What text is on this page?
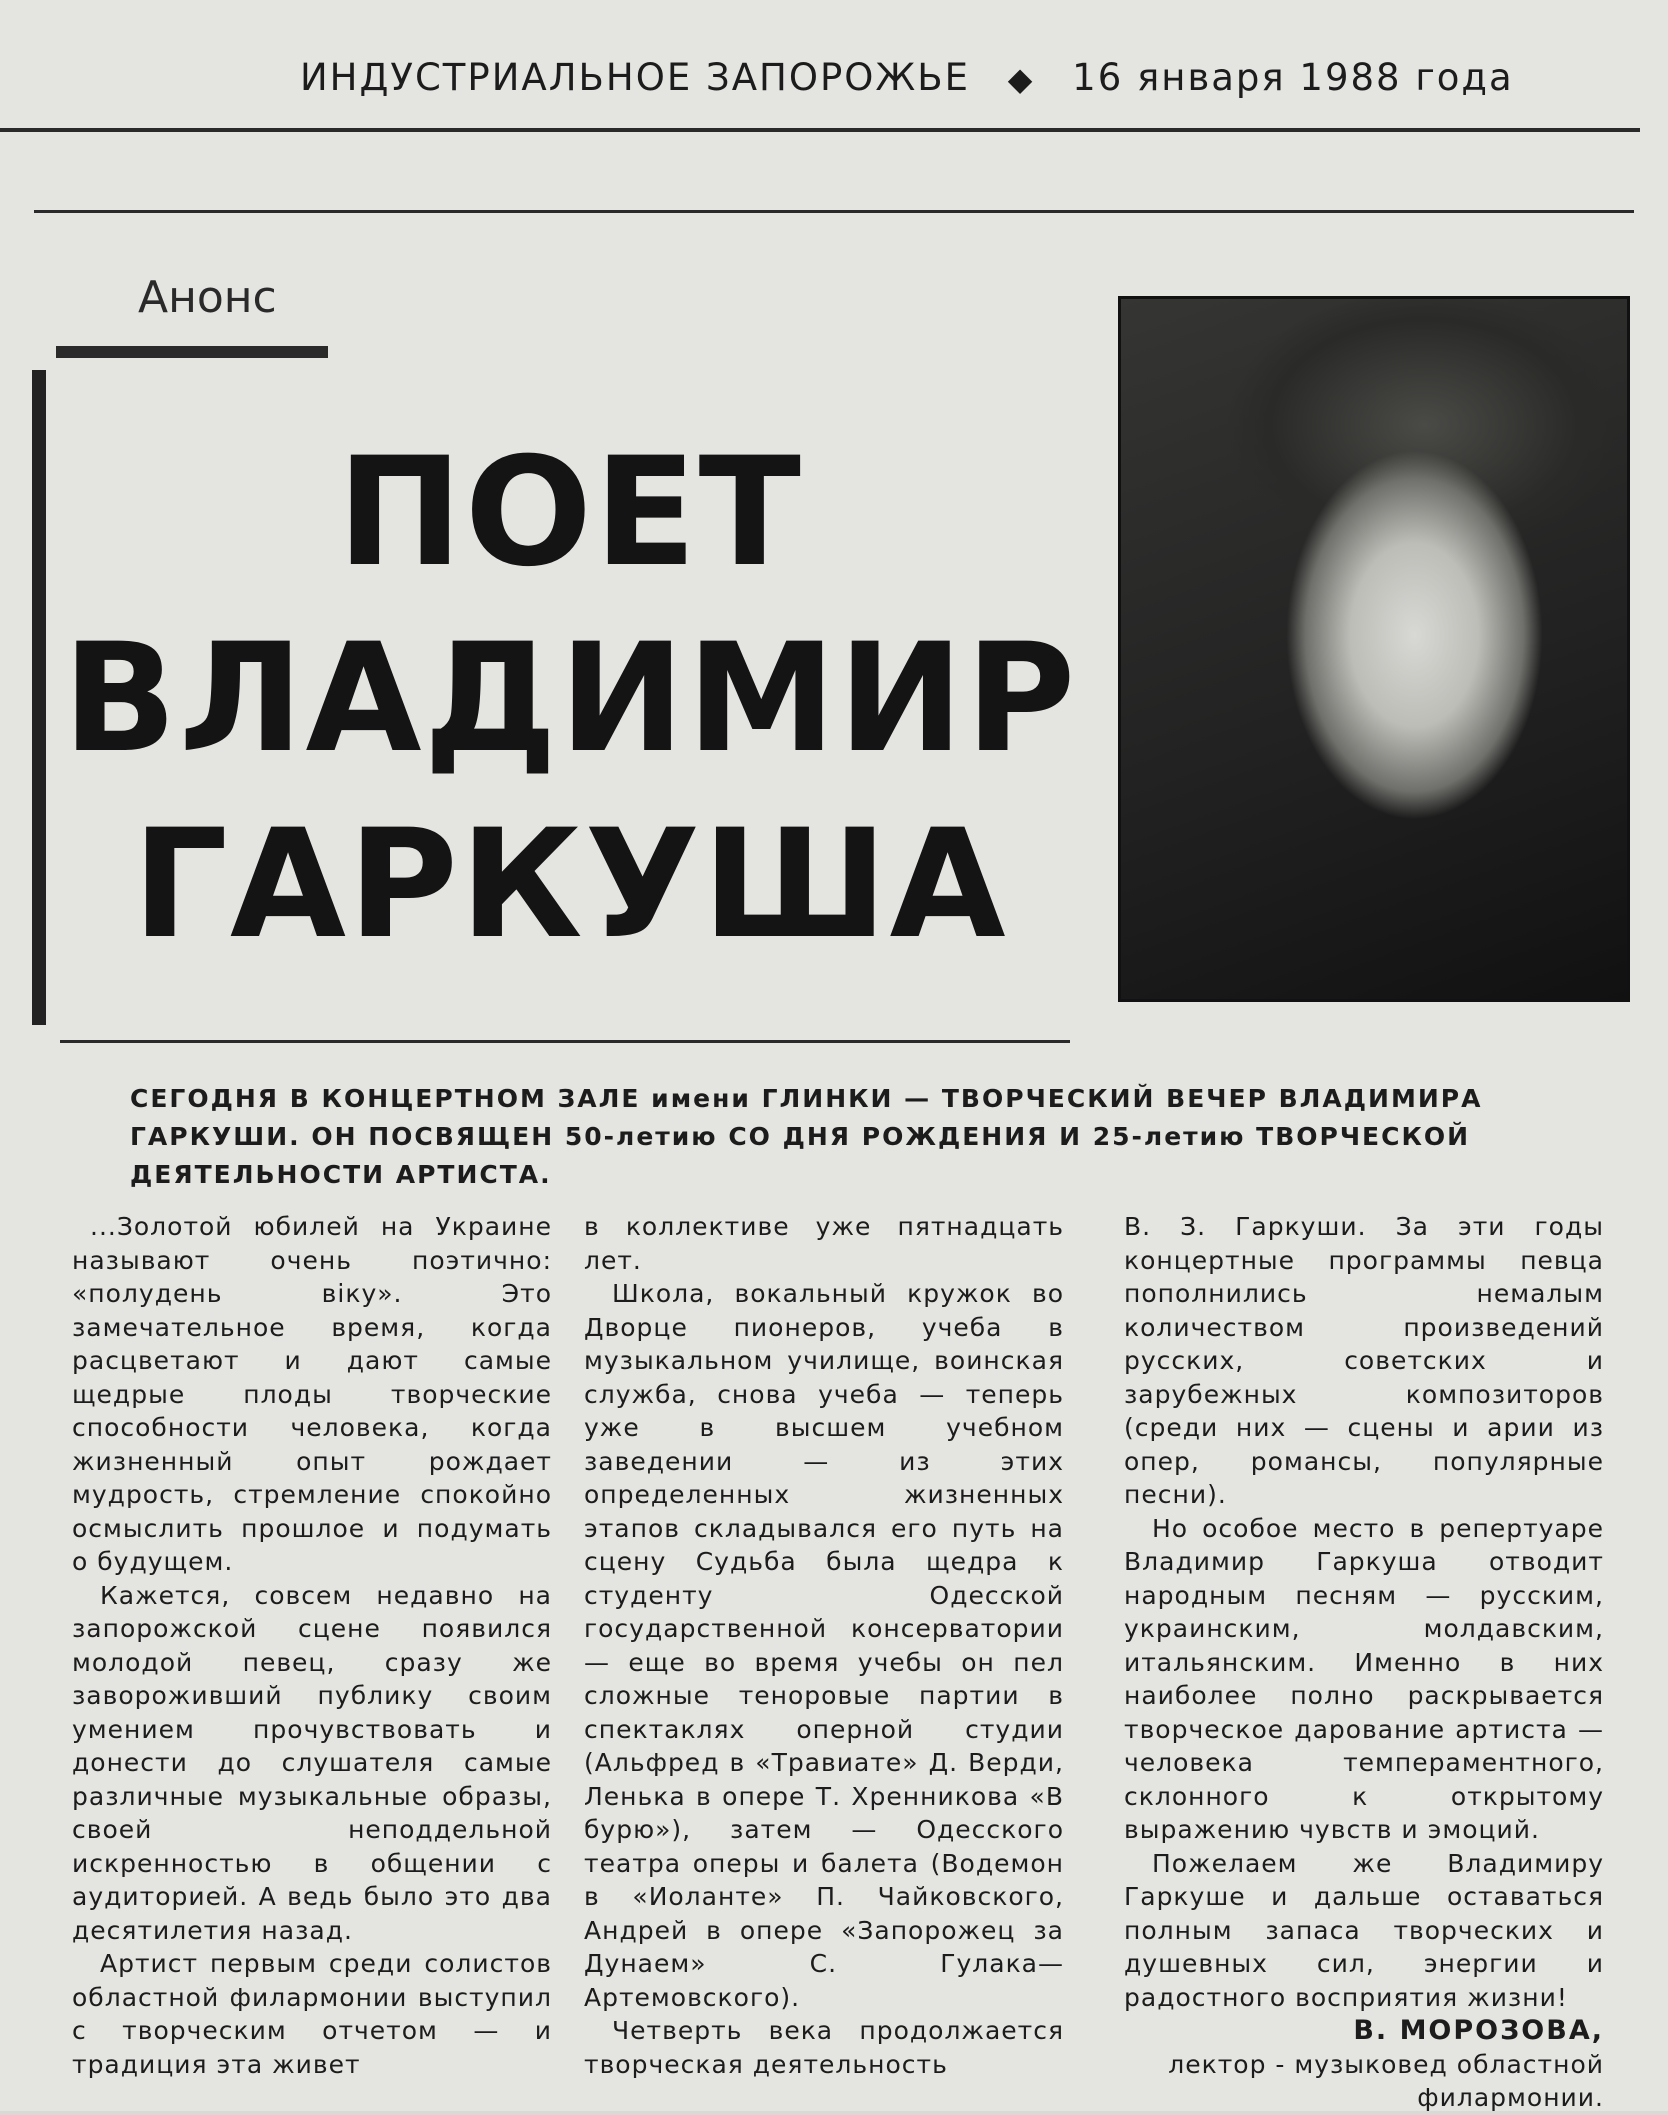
ИНДУСТРИАЛЬНОЕ ЗАПОРОЖЬЕ ◆ 16 января 1988 года
Анонс
ПОЕТ
ВЛАДИМИР
ГАРКУША
СЕГОДНЯ В КОНЦЕРТНОМ ЗАЛЕ имени ГЛИНКИ — ТВОРЧЕСКИЙ ВЕЧЕР ВЛАДИМИРА ГАРКУШИ. ОН ПОСВЯЩЕН 50-летию СО ДНЯ РОЖДЕНИЯ И 25-летию ТВОРЧЕСКОЙ ДЕЯТЕЛЬНОСТИ АРТИСТА.

...Золотой юбилей на Украине называют очень поэтично: «полудень віку». Это замечательное время, когда расцветают и дают самые щедрые плоды творческие способности человека, когда жизненный опыт рождает мудрость, стремление спокойно осмыслить прошлое и подумать о будущем.

Кажется, совсем недавно на запорожской сцене появился молодой певец, сразу же заворoживший публику своим умением прочувствовать и донести до слушателя самые различные музыкальные образы, своей неподдельной искренностью в общении с аудиторией. А ведь было это два десятилетия назад.

Артист первым среди солистов областной филармонии выступил с творческим отчетом — и традиция эта живет

в коллективе уже пятнадцать лет.

Школа, вокальный кружок во Дворце пионеров, учеба в музыкальном училище, воинская служба, снова учеба — теперь уже в высшем учебном заведении — из этих определенных жизненных этапов складывался его путь на сцену Судьба была щедра к студенту Одесской государственной консерватории — еще во время учебы он пел сложные теноровые партии в спектаклях оперной студии (Альфред в «Травиате» Д. Верди, Ленька в опере Т. Хренникова «В бурю»), затем — Одесского театра оперы и балета (Водемон в «Иоланте» П. Чайковского, Андрей в опере «Запорожец за Дунаем» С. Гулака—Артемовского).

Четверть века продолжается творческая деятельность

В. З. Гаркуши. За эти годы концертные программы певца пополнились немалым количеством произведений русских, советских и зарубежных композиторов (среди них — сцены и арии из опер, романсы, популярные песни).

Но особое место в репертуаре Владимир Гаркуша отводит народным песням — русским, украинским, молдавским, итальянским. Именно в них наиболее полно раскрывается творческое дарование артиста — человека темпераментного, склонного к открытому выражению чувств и эмоций.

Пожелаем же Владимиру Гаркуше и дальше оставаться полным запаса творческих и душевных сил, энергии и радостного восприятия жизни!

В. МОРОЗОВА,

лектор - музыковед областной филармонии.
